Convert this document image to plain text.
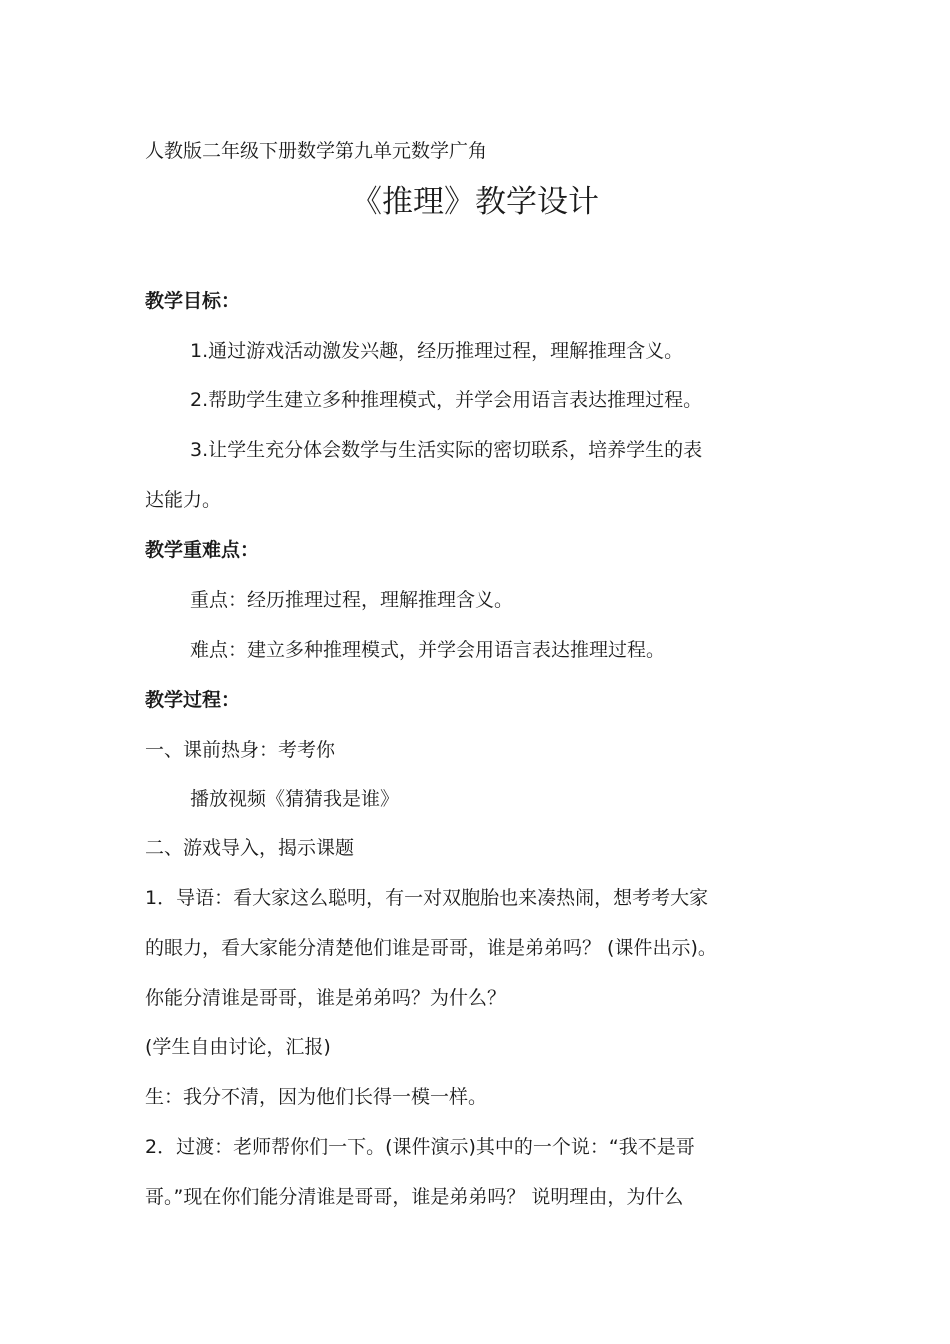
人教版二年级下册数学第九单元数学广角
《推理》教学设计
教学目标：
1.通过游戏活动激发兴趣，经历推理过程，理解推理含义。
2.帮助学生建立多种推理模式，并学会用语言表达推理过程。
3.让学生充分体会数学与生活实际的密切联系，培养学生的表
达能力。
教学重难点：
重点：经历推理过程，理解推理含义。
难点：建立多种推理模式，并学会用语言表达推理过程。
教学过程：
一、课前热身：考考你
播放视频《猜猜我是谁》
二、游戏导入，揭示课题
1．导语：看大家这么聪明，有一对双胞胎也来凑热闹，想考考大家
的眼力，看大家能分清楚他们谁是哥哥，谁是弟弟吗？ (课件出示)。
你能分清谁是哥哥，谁是弟弟吗？为什么？
(学生自由讨论，汇报)
生：我分不清，因为他们长得一模一样。
2．过渡：老师帮你们一下。(课件演示)其中的一个说：“我不是哥
哥。”现在你们能分清谁是哥哥，谁是弟弟吗？ 说明理由，为什么
